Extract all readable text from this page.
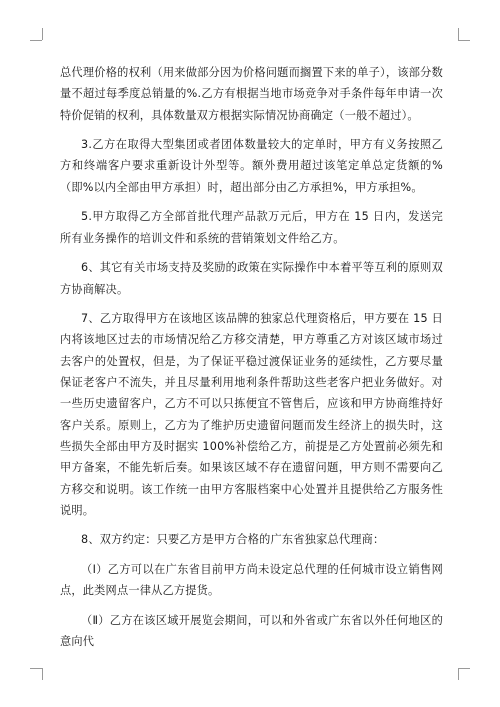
总代理价格的权利（用来做部分因为价格问题而搁置下来的单子），该部分数量不超过每季度总销量的%.乙方有根据当地市场竞争对手条件每年申请一次特价促销的权利，具体数量双方根据实际情况协商确定（一般不超过）。

3.乙方在取得大型集团或者团体数量较大的定单时，甲方有义务按照乙方和终端客户要求重新设计外型等。额外费用超过该笔定单总定货额的%（即%以内全部由甲方承担）时，超出部分由乙方承担%，甲方承担%。

5.甲方取得乙方全部首批代理产品款万元后，甲方在 15 日内，发送完所有业务操作的培训文件和系统的营销策划文件给乙方。

6、其它有关市场支持及奖励的政策在实际操作中本着平等互利的原则双方协商解决。

7、乙方取得甲方在该地区该品牌的独家总代理资格后，甲方要在 15 日内将该地区过去的市场情况给乙方移交清楚，甲方尊重乙方对该区域市场过去客户的处置权，但是，为了保证平稳过渡保证业务的延续性，乙方要尽量保证老客户不流失，并且尽量利用地利条件帮助这些老客户把业务做好。对一些历史遗留客户，乙方不可以只拣便宜不管售后，应该和甲方协商维持好客户关系。原则上，乙方为了维护历史遗留问题而发生经济上的损失时，这些损失全部由甲方及时据实 100%补偿给乙方，前提是乙方处置前必须先和甲方备案，不能先斩后奏。如果该区域不存在遗留问题，甲方则不需要向乙方移交和说明。该工作统一由甲方客服档案中心处置并且提供给乙方服务性说明。

8、双方约定：只要乙方是甲方合格的广东省独家总代理商：

（Ⅰ）乙方可以在广东省目前甲方尚未设定总代理的任何城市设立销售网点，此类网点一律从乙方提货。

（Ⅱ）乙方在该区域开展览会期间，可以和外省或广东省以外任何地区的意向代
